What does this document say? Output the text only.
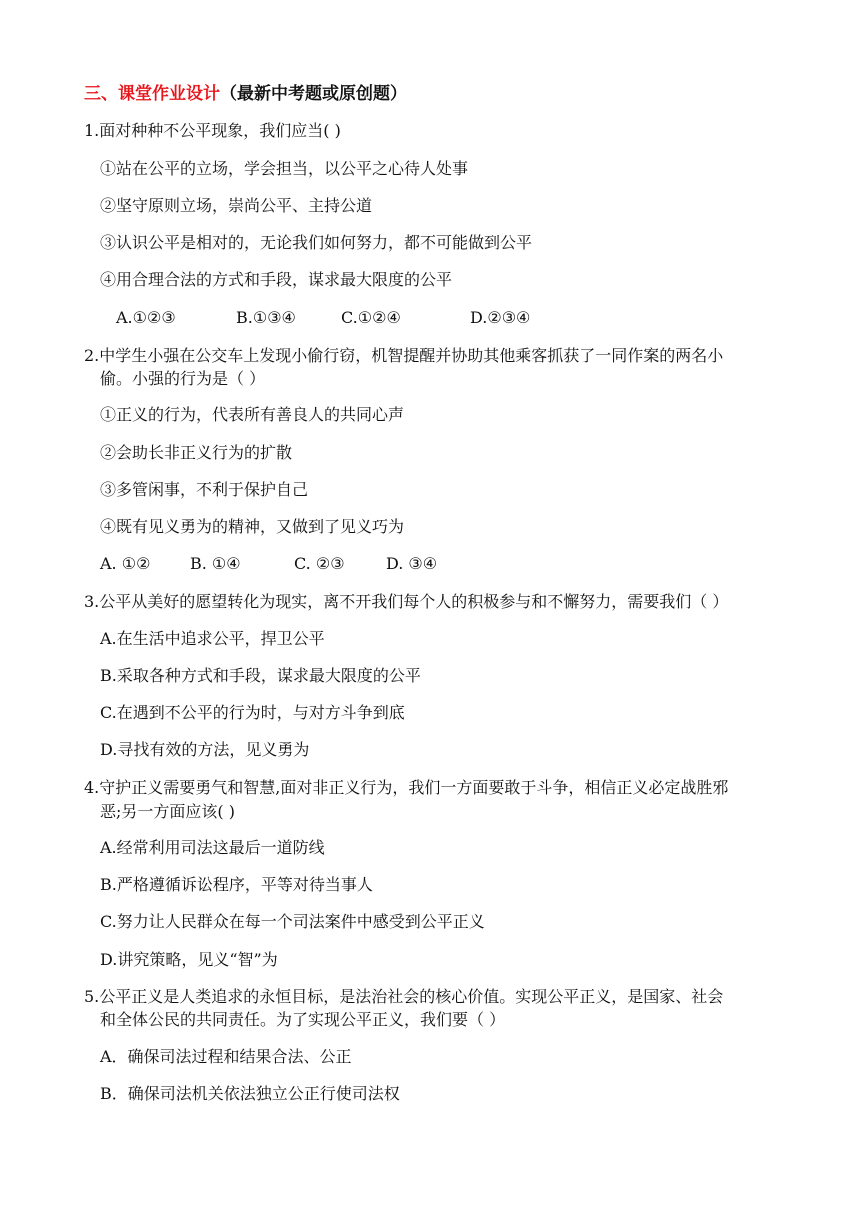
三、课堂作业设计（最新中考题或原创题）
1.面对种种不公平现象，我们应当( )
①站在公平的立场，学会担当，以公平之心待人处事
②坚守原则立场，崇尚公平、主持公道
③认识公平是相对的，无论我们如何努力，都不可能做到公平
④用合理合法的方式和手段，谋求最大限度的公平
A.①②③	B.①③④	C.①②④	D.②③④
2.中学生小强在公交车上发现小偷行窃，机智提醒并协助其他乘客抓获了一同作案的两名小
偷。小强的行为是（ ）
①正义的行为，代表所有善良人的共同心声
②会助长非正义行为的扩散
③多管闲事，不利于保护自己
④既有见义勇为的精神，又做到了见义巧为
A. ①② B. ①④	C. ②③	D. ③④
3.公平从美好的愿望转化为现实，离不开我们每个人的积极参与和不懈努力，需要我们（ ）
A.在生活中追求公平，捍卫公平
B.采取各种方式和手段，谋求最大限度的公平
C.在遇到不公平的行为时，与对方斗争到底
D.寻找有效的方法，见义勇为
4.守护正义需要勇气和智慧,面对非正义行为，我们一方面要敢于斗争，相信正义必定战胜邪
恶;另一方面应该( )
A.经常利用司法这最后一道防线
B.严格遵循诉讼程序，平等对待当事人
C.努力让人民群众在每一个司法案件中感受到公平正义
D.讲究策略，见义“智”为
5.公平正义是人类追求的永恒目标，是法治社会的核心价值。实现公平正义，是国家、社会
和全体公民的共同责任。为了实现公平正义，我们要（ ）
A．确保司法过程和结果合法、公正
B．确保司法机关依法独立公正行使司法权
